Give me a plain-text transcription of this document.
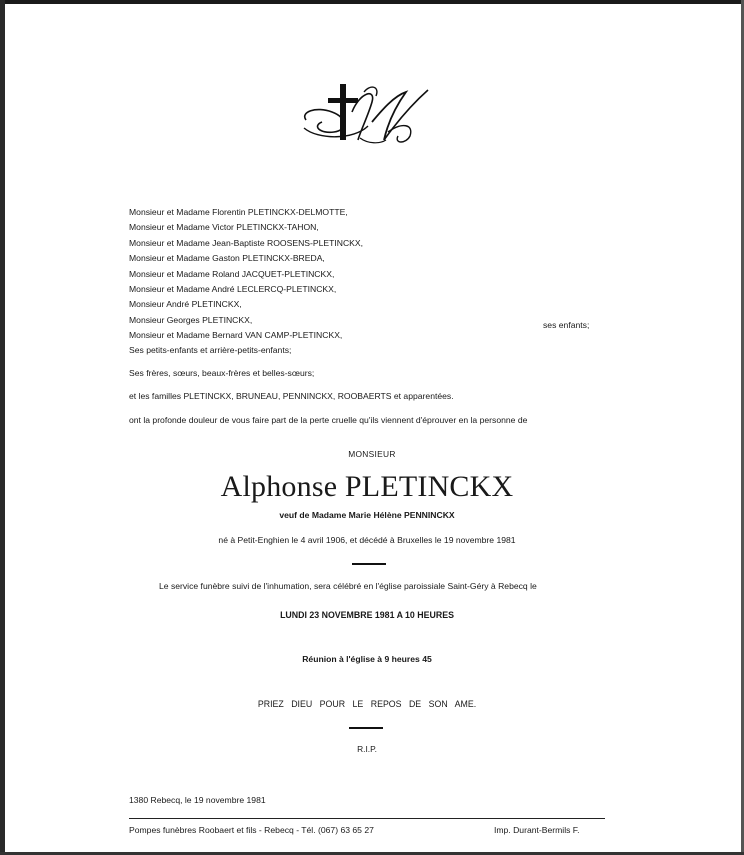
Monsieur et Madame Florentin PLETINCKX-DELMOTTE,
Monsieur et Madame Victor PLETINCKX-TAHON,
Monsieur et Madame Jean-Baptiste ROOSENS-PLETINCKX,
Monsieur et Madame Gaston PLETINCKX-BREDA,
Monsieur et Madame Roland JACQUET-PLETINCKX,
Monsieur et Madame André LECLERCQ-PLETINCKX,
Monsieur André PLETINCKX,
Monsieur Georges PLETINCKX,
Monsieur et Madame Bernard VAN CAMP-PLETINCKX,
ses enfants;
Ses petits-enfants et arrière-petits-enfants;
Ses frères, sœurs, beaux-frères et belles-sœurs;
et les familles PLETINCKX, BRUNEAU, PENNINCKX, ROOBAERTS et apparentées.
ont la profonde douleur de vous faire part de la perte cruelle qu'ils viennent d'éprouver en la personne de
MONSIEUR
Alphonse PLETINCKX
veuf de Madame Marie Hélène PENNINCKX
né à Petit-Enghien le 4 avril 1906, et décédé à Bruxelles le 19 novembre 1981
Le service funèbre suivi de l'inhumation, sera célébré en l'église paroissiale Saint-Géry à Rebecq le
LUNDI 23 NOVEMBRE 1981 A 10 HEURES
Réunion à l'église à 9 heures 45
PRIEZ DIEU POUR LE REPOS DE SON AME.
R.I.P.
1380 Rebecq, le 19 novembre 1981
Pompes funèbres Roobaert et fils - Rebecq - Tél. (067) 63 65 27	Imp. Durant-Bermils F.
